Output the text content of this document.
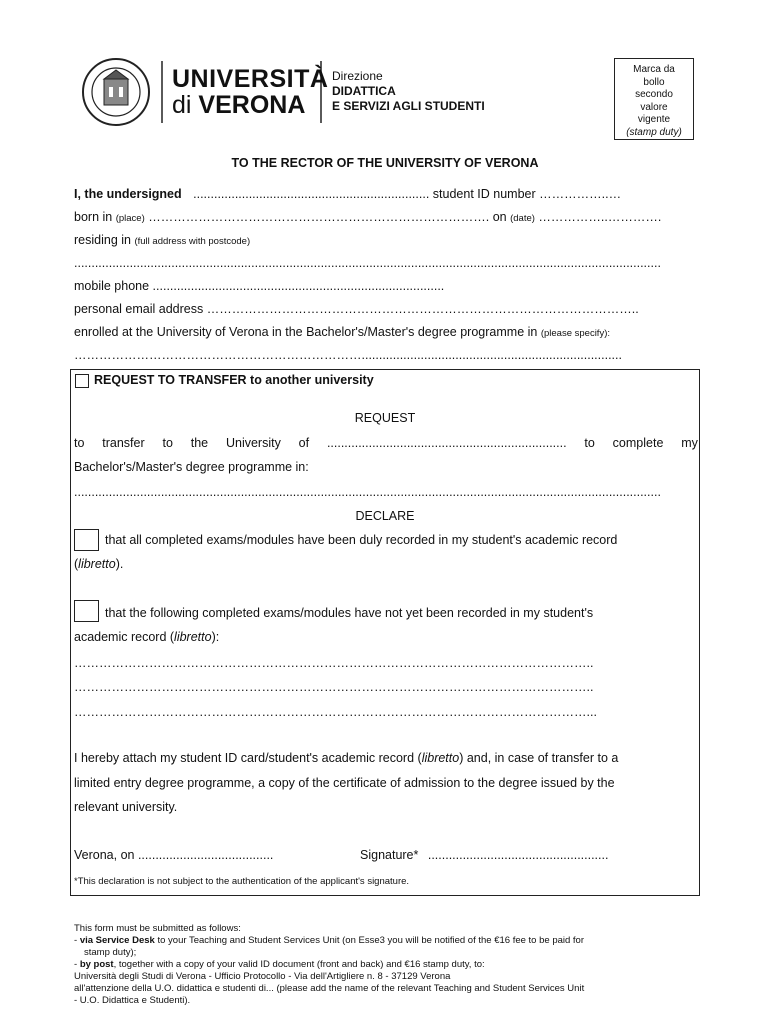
UNIVERSITÀ
di VERONA
Direzione
DIDATTICA
E SERVIZI AGLI STUDENTI
Marca da
bollo
secondo
valore
vigente
(stamp duty)
TO THE RECTOR OF THE UNIVERSITY OF VERONA
I, the undersigned .................................................................... student ID number ……………..…
born in (place) ………………………………………………………………………. on (date) ……………..………….
residing in (full address with postcode)
.........................................................................................................................................................................
mobile phone ....................................................................................
personal email address …………………………………………………………………………………………..
enrolled at the University of Verona in the Bachelor's/Master's degree programme in (please specify):
……………………………………………………………...........................................................................
REQUEST TO TRANSFER to another university
REQUEST
to transfer to the University of ..................................................................... to complete my
Bachelor's/Master's degree programme in:
.........................................................................................................................................................................
DECLARE
that all completed exams/modules have been duly recorded in my student's academic record
(libretto).
that the following completed exams/modules have not yet been recorded in my student's
academic record (libretto):
……………………………………………………………………………………………………………..
……………………………………………………………………………………………………………..
……………………………………………………………………………………………………………...
I hereby attach my student ID card/student's academic record (libretto) and, in case of transfer to a
limited entry degree programme, a copy of the certificate of admission to the degree issued by the
relevant university.
Verona, on .......................................	Signature* ....................................................
*This declaration is not subject to the authentication of the applicant's signature.
This form must be submitted as follows:
- via Service Desk to your Teaching and Student Services Unit (on Esse3 you will be notified of the €16 fee to be paid for
stamp duty);
- by post, together with a copy of your valid ID document (front and back) and €16 stamp duty, to:
Università degli Studi di Verona - Ufficio Protocollo - Via dell'Artigliere n. 8 - 37129 Verona
all'attenzione della U.O. didattica e studenti di... (please add the name of the relevant Teaching and Student Services Unit
- U.O. Didattica e Studenti).
